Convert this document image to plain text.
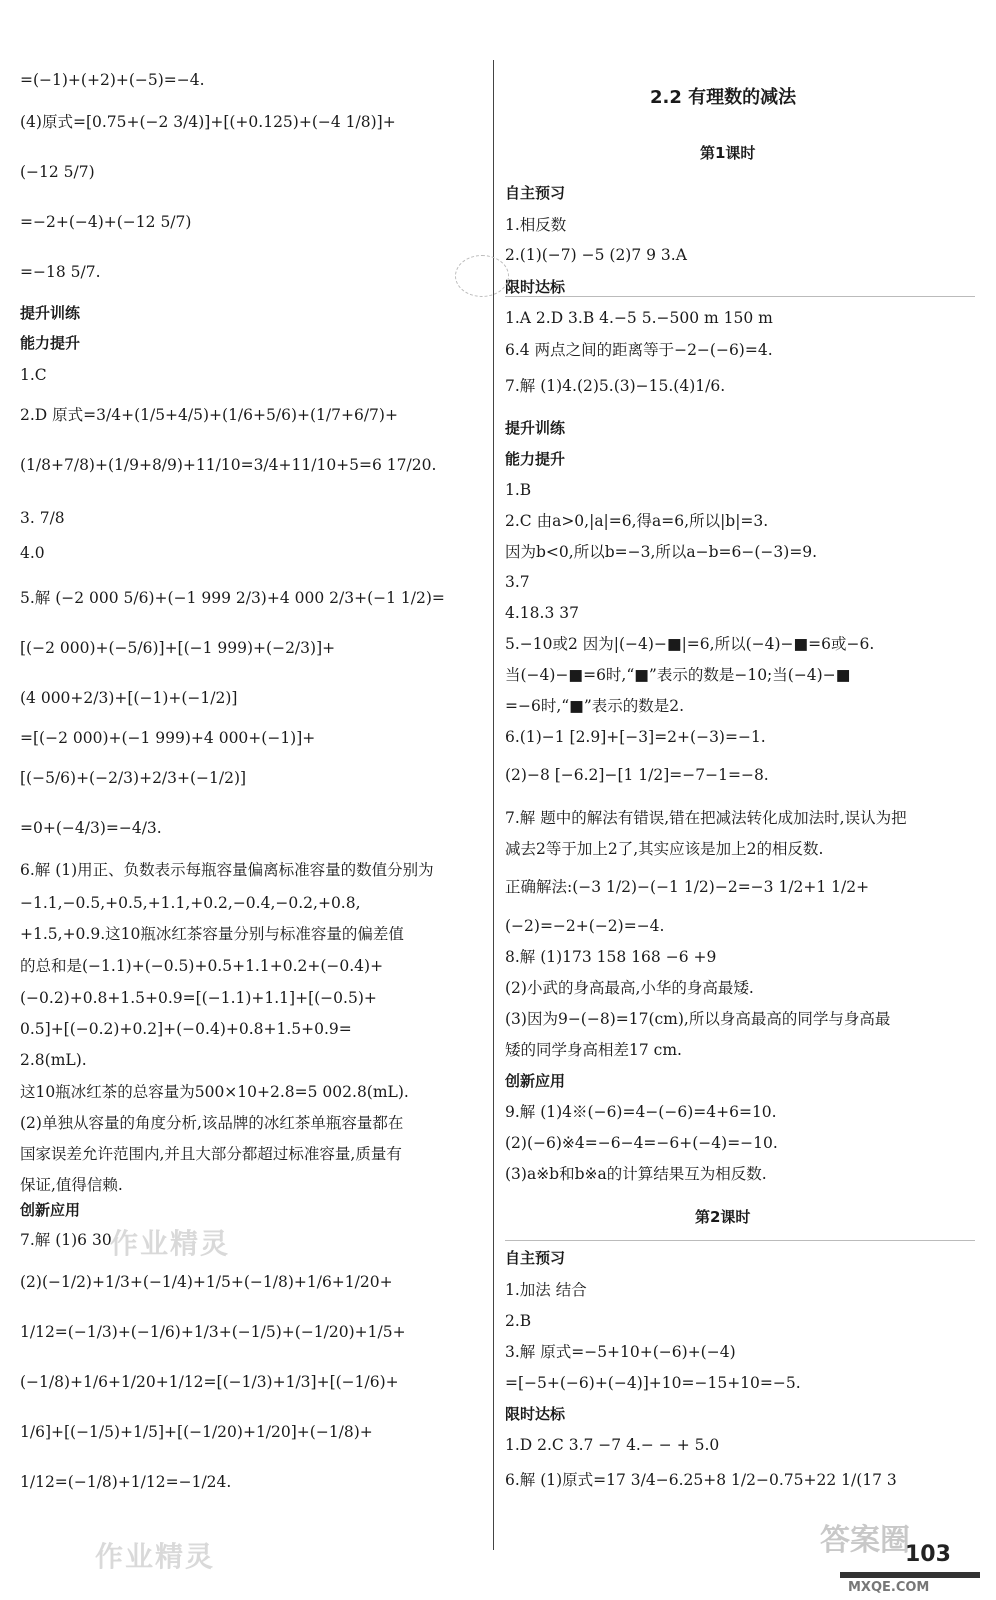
=(−1)+(+2)+(−5)=−4.
(4)原式=[0.75+(−2 3/4)]+[(+0.125)+(−4 1/8)]+
(−12 5/7)
=−2+(−4)+(−12 5/7)
=−18 5/7.
提升训练
能力提升
1.C
2.D 原式=3/4+(1/5+4/5)+(1/6+5/6)+(1/7+6/7)+
(1/8+7/8)+(1/9+8/9)+11/10=3/4+11/10+5=6 17/20.
3. 7/8
4.0
5.解 (−2 000 5/6)+(−1 999 2/3)+4 000 2/3+(−1 1/2)=
[(−2 000)+(−5/6)]+[(−1 999)+(−2/3)]+
(4 000+2/3)+[(−1)+(−1/2)]
=[(−2 000)+(−1 999)+4 000+(−1)]+
[(−5/6)+(−2/3)+2/3+(−1/2)]
=0+(−4/3)=−4/3.
6.解 (1)用正、负数表示每瓶容量偏离标准容量的数值分别为
−1.1,−0.5,+0.5,+1.1,+0.2,−0.4,−0.2,+0.8,
+1.5,+0.9.这10瓶冰红茶容量分别与标准容量的偏差值
的总和是(−1.1)+(−0.5)+0.5+1.1+0.2+(−0.4)+
(−0.2)+0.8+1.5+0.9=[(−1.1)+1.1]+[(−0.5)+
0.5]+[(−0.2)+0.2]+(−0.4)+0.8+1.5+0.9=
2.8(mL).
这10瓶冰红茶的总容量为500×10+2.8=5 002.8(mL).
(2)单独从容量的角度分析,该品牌的冰红茶单瓶容量都在
国家误差允许范围内,并且大部分都超过标准容量,质量有
保证,值得信赖.
创新应用
7.解 (1)6 30
(2)(−1/2)+1/3+(−1/4)+1/5+(−1/8)+1/6+1/20+
1/12=(−1/3)+(−1/6)+1/3+(−1/5)+(−1/20)+1/5+
(−1/8)+1/6+1/20+1/12=[(−1/3)+1/3]+[(−1/6)+
1/6]+[(−1/5)+1/5]+[(−1/20)+1/20]+(−1/8)+
1/12=(−1/8)+1/12=−1/24.
2.2 有理数的减法
第1课时
自主预习
1.相反数
2.(1)(−7) −5 (2)7 9 3.A
限时达标
1.A 2.D 3.B 4.−5 5.−500 m 150 m
6.4 两点之间的距离等于−2−(−6)=4.
7.解 (1)4.(2)5.(3)−15.(4)1/6.
提升训练
能力提升
1.B
2.C 由a>0,|a|=6,得a=6,所以|b|=3.
因为b<0,所以b=−3,所以a−b=6−(−3)=9.
3.7
4.18.3 37
5.−10或2 因为|(−4)−■|=6,所以(−4)−■=6或−6.
当(−4)−■=6时,“■”表示的数是−10;当(−4)−■
=−6时,“■”表示的数是2.
6.(1)−1 [2.9]+[−3]=2+(−3)=−1.
(2)−8 [−6.2]−[1 1/2]=−7−1=−8.
7.解 题中的解法有错误,错在把减法转化成加法时,误认为把
减去2等于加上2了,其实应该是加上2的相反数.
正确解法:(−3 1/2)−(−1 1/2)−2=−3 1/2+1 1/2+
(−2)=−2+(−2)=−4.
8.解 (1)173 158 168 −6 +9
(2)小武的身高最高,小华的身高最矮.
(3)因为9−(−8)=17(cm),所以身高最高的同学与身高最
矮的同学身高相差17 cm.
创新应用
9.解 (1)4※(−6)=4−(−6)=4+6=10.
(2)(−6)※4=−6−4=−6+(−4)=−10.
(3)a※b和b※a的计算结果互为相反数.
第2课时
自主预习
1.加法 结合
2.B
3.解 原式=−5+10+(−6)+(−4)
=[−5+(−6)+(−4)]+10=−15+10=−5.
限时达标
1.D 2.C 3.7 −7 4.− − + 5.0
6.解 (1)原式=17 3/4−6.25+8 1/2−0.75+22 1/(17 3
作业精灵
作业精灵	答案圈
MXQE.COM
103
